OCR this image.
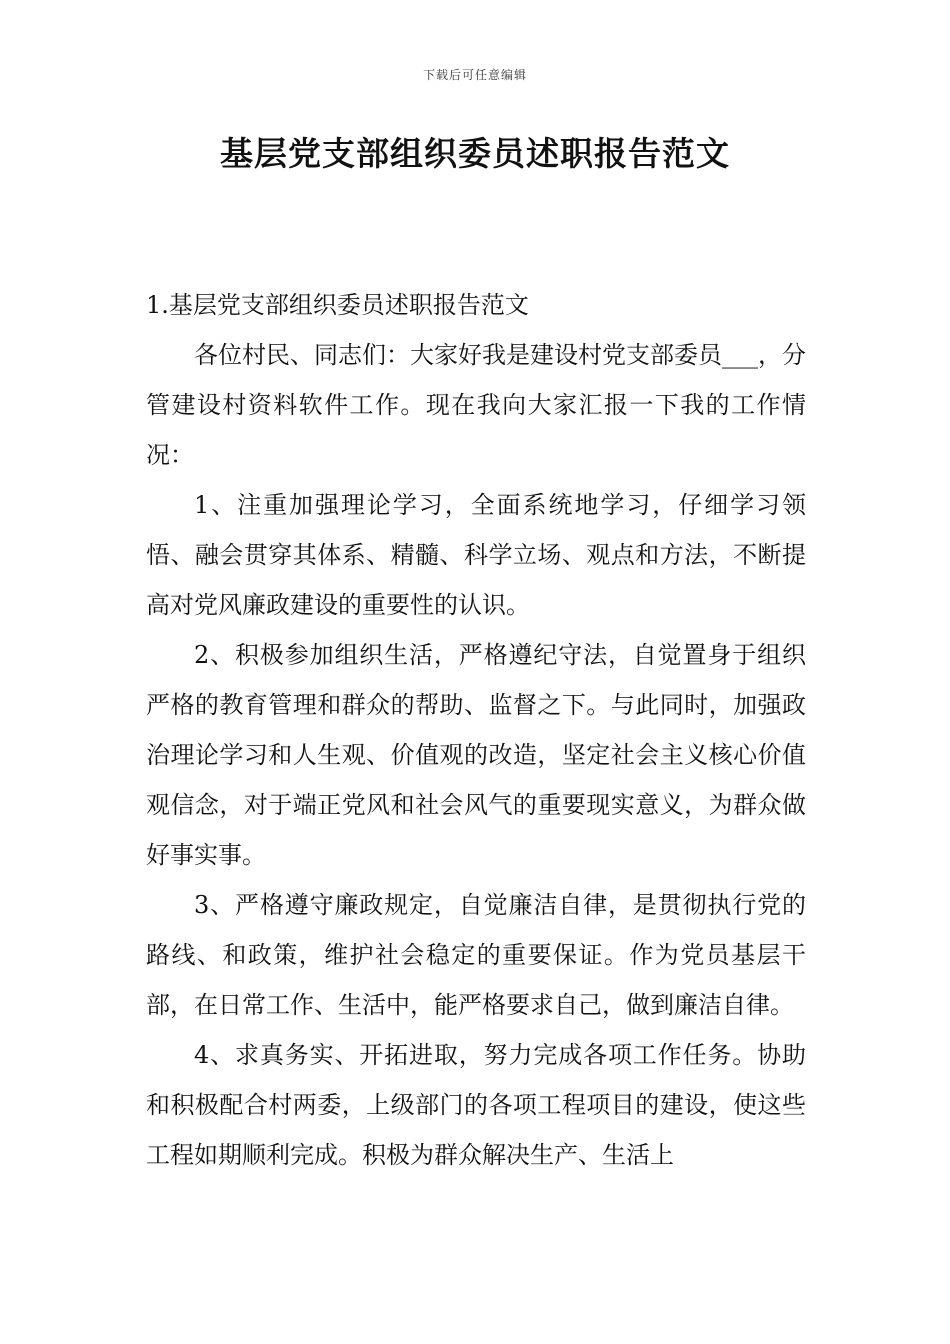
下载后可任意编辑
基层党支部组织委员述职报告范文

1.基层党支部组织委员述职报告范文

各位村民、同志们：大家好我是建设村党支部委员___，分管建设村资料软件工作。现在我向大家汇报一下我的工作情况：

1、注重加强理论学习，全面系统地学习，仔细学习领悟、融会贯穿其体系、精髓、科学立场、观点和方法，不断提高对党风廉政建设的重要性的认识。

2、积极参加组织生活，严格遵纪守法，自觉置身于组织严格的教育管理和群众的帮助、监督之下。与此同时，加强政治理论学习和人生观、价值观的改造，坚定社会主义核心价值观信念，对于端正党风和社会风气的重要现实意义，为群众做好事实事。

3、严格遵守廉政规定，自觉廉洁自律，是贯彻执行党的路线、和政策，维护社会稳定的重要保证。作为党员基层干部，在日常工作、生活中，能严格要求自己，做到廉洁自律。

4、求真务实、开拓进取，努力完成各项工作任务。协助和积极配合村两委，上级部门的各项工程项目的建设，使这些工程如期顺利完成。积极为群众解决生产、生活上
